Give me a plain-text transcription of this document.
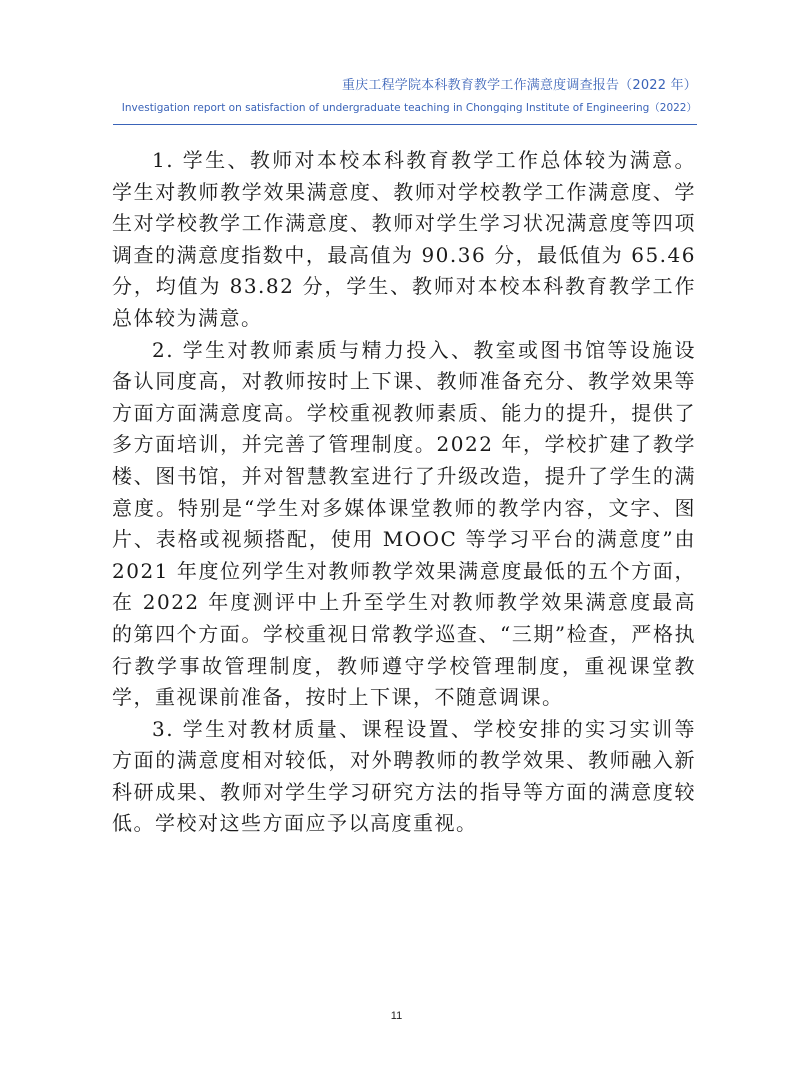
重庆工程学院本科教育教学工作满意度调查报告（2022 年）
Investigation report on satisfaction of undergraduate teaching in Chongqing Institute of Engineering（2022）

1. 学生、教师对本校本科教育教学工作总体较为满意。学生对教师教学效果满意度、教师对学校教学工作满意度、学生对学校教学工作满意度、教师对学生学习状况满意度等四项调查的满意度指数中，最高值为 90.36 分，最低值为 65.46 分，均值为 83.82 分，学生、教师对本校本科教育教学工作总体较为满意。

2. 学生对教师素质与精力投入、教室或图书馆等设施设备认同度高，对教师按时上下课、教师准备充分、教学效果等方面方面满意度高。学校重视教师素质、能力的提升，提供了多方面培训，并完善了管理制度。2022 年，学校扩建了教学楼、图书馆，并对智慧教室进行了升级改造，提升了学生的满意度。特别是“学生对多媒体课堂教师的教学内容，文字、图片、表格或视频搭配，使用 MOOC 等学习平台的满意度”由 2021 年度位列学生对教师教学效果满意度最低的五个方面，在 2022 年度测评中上升至学生对教师教学效果满意度最高的第四个方面。学校重视日常教学巡查、“三期”检查，严格执行教学事故管理制度，教师遵守学校管理制度，重视课堂教学，重视课前准备，按时上下课，不随意调课。

3. 学生对教材质量、课程设置、学校安排的实习实训等方面的满意度相对较低，对外聘教师的教学效果、教师融入新科研成果、教师对学生学习研究方法的指导等方面的满意度较低。学校对这些方面应予以高度重视。

11
